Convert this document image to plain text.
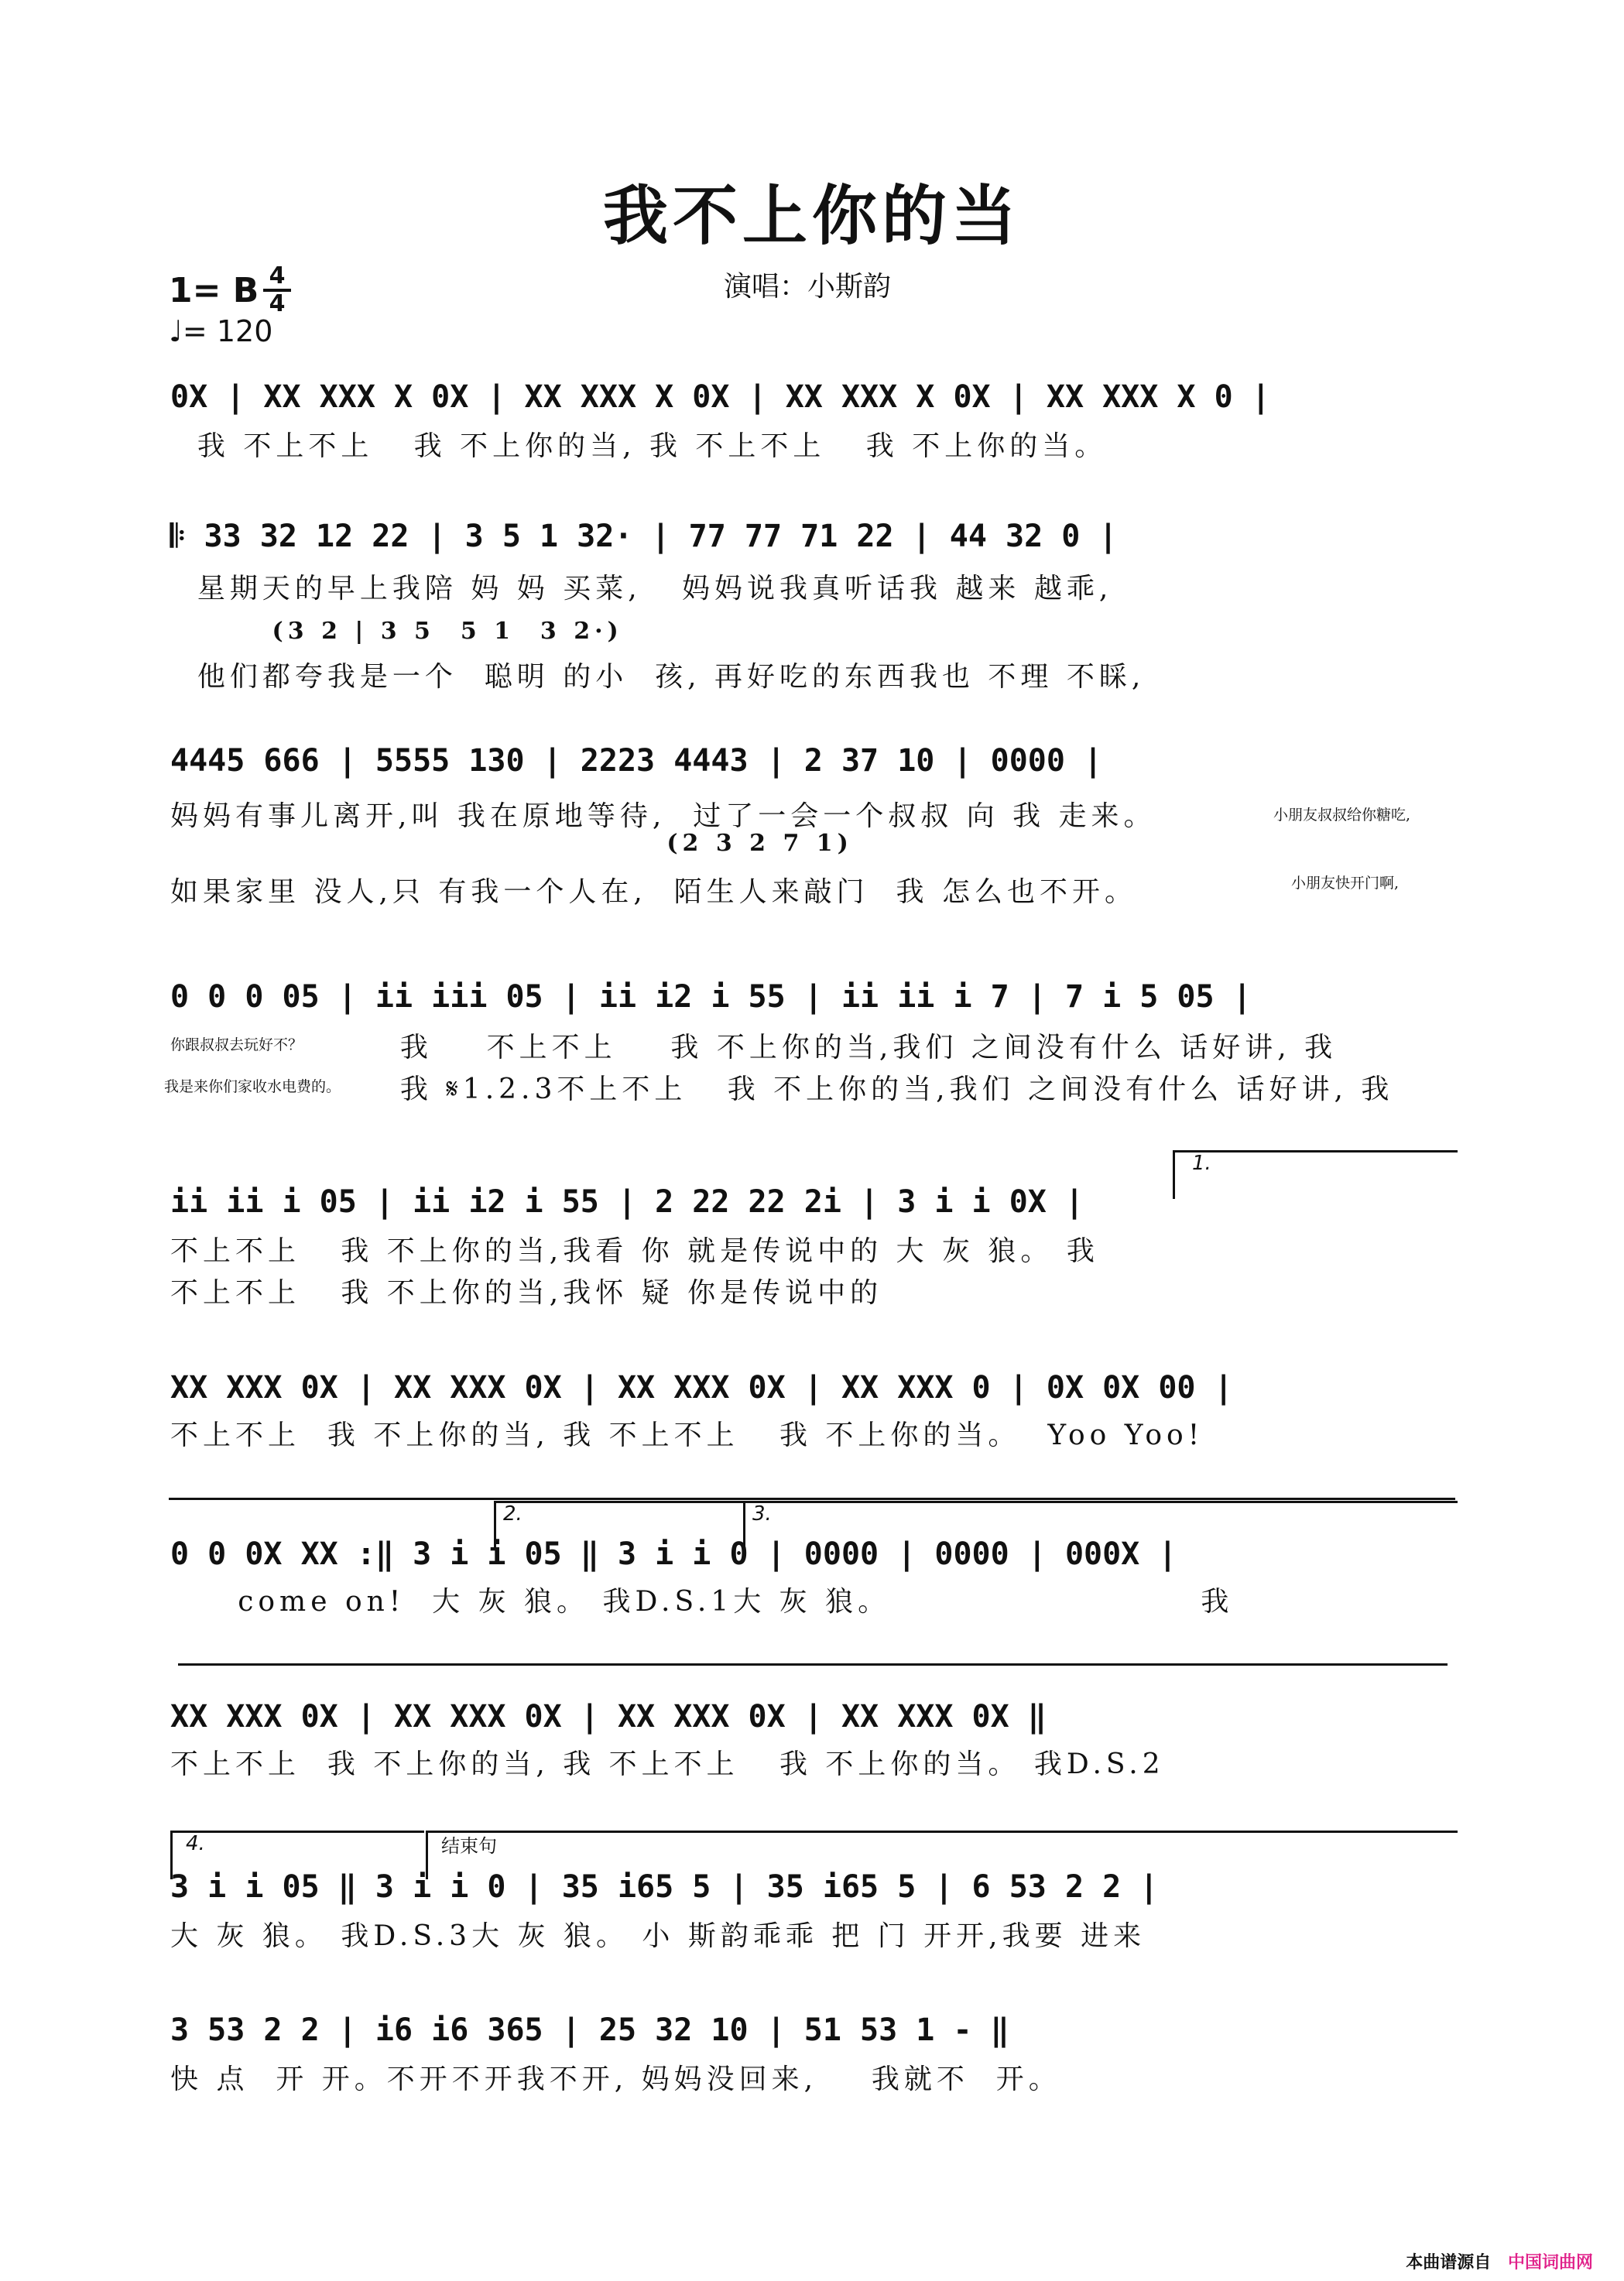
我不上你的当
演唱：小斯韵
1= B 4
4
♩= 120
0X | XX XXX X 0X | XX XXX X 0X | XX XXX X 0X | XX XXX X 0 |
我 不上不上   我 不上你的当, 我 不上不上   我 不上你的当。
𝄆 33 32 12 22 | 3 5 1 32· | 77 77 71 22 | 44 32 0 |
星期天的早上我陪 妈 妈 买菜,   妈妈说我真听话我 越来 越乖,
(3 2 | 3 5  5 1  3 2·)
他们都夸我是一个  聪明 的小  孩, 再好吃的东西我也 不理 不睬,
4445 666 | 5555 130 | 2223 4443 | 2 37 10 | 0000 |
妈妈有事儿离开,叫 我在原地等待,  过了一会一个叔叔 向 我 走来。
(2 3 2 7 1)
如果家里 没人,只 有我一个人在,  陌生人来敲门  我 怎么也不开。
小朋友叔叔给你糖吃,
小朋友快开门啊,
0 0 0 05 | ii iii 05 | ii i2 i 55 | ii ii i 7 | 7 i 5 05 |
我    不上不上    我 不上你的当,我们 之间没有什么 话好讲, 我
我 𝄋1.2.3不上不上   我 不上你的当,我们 之间没有什么 话好讲, 我
你跟叔叔去玩好不？
我是来你们家收水电费的。
1.
ii ii i 05 | ii i2 i 55 | 2 22 22 2i | 3 i i 0X |
不上不上   我 不上你的当,我看 你 就是传说中的 大 灰 狼。 我
不上不上   我 不上你的当,我怀 疑 你是传说中的
XX XXX 0X | XX XXX 0X | XX XXX 0X | XX XXX 0 | 0X 0X 00 |
不上不上  我 不上你的当, 我 不上不上   我 不上你的当。  Yoo Yoo!
2.	3.
0 0 0X XX :‖ 3 i i 05 ‖ 3 i i 0 | 0000 | 0000 | 000X |
come on!  大 灰 狼。 我D.S.1大 灰 狼。                       我
XX XXX 0X | XX XXX 0X | XX XXX 0X | XX XXX 0X ‖
不上不上  我 不上你的当, 我 不上不上   我 不上你的当。 我D.S.2
4.	结束句
3 i i 05 ‖ 3 i i 0 | 35 i65 5 | 35 i65 5 | 6 53 2 2 |
大 灰 狼。 我D.S.3大 灰 狼。 小 斯韵乖乖 把 门 开开,我要 进来
3 53 2 2 | i6 i6 365 | 25 32 10 | 51 53 1 - ‖
快 点  开 开。不开不开我不开, 妈妈没回来,    我就不  开。
本曲谱源自 中国词曲网
